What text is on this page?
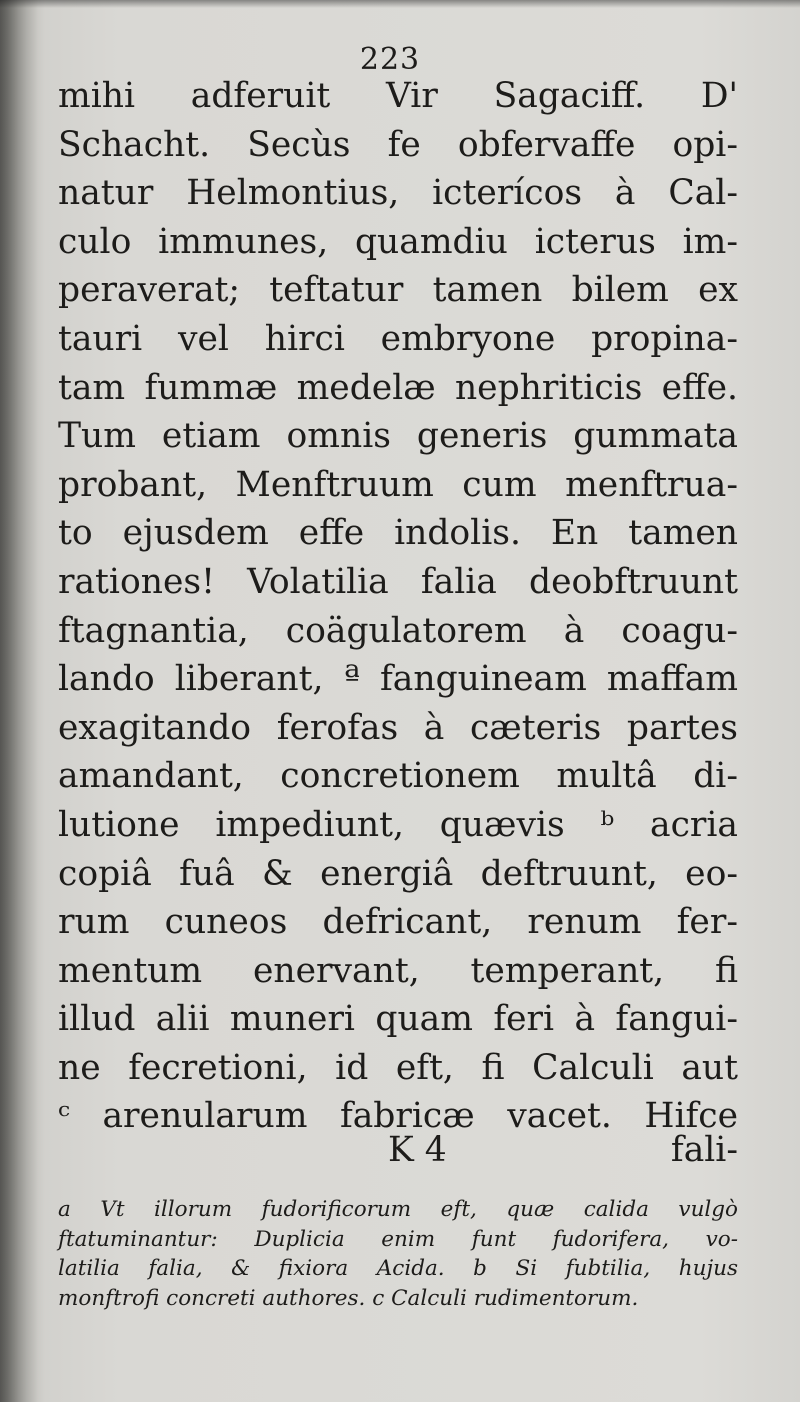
223
mihi adferuit Vir Sagaciff. D'
Schacht. Secùs fe obfervaffe opi-
natur Helmontius, icterícos à Cal-
culo immunes, quamdiu icterus im-
peraverat; teftatur tamen bilem ex
tauri vel hirci embryone propina-
tam fummæ medelæ nephriticis effe.
Tum etiam omnis generis gummata
probant, Menftruum cum menftrua-
to ejusdem effe indolis. En tamen
rationes! Volatilia falia deobftruunt
ftagnantia, coägulatorem à coagu-
lando liberant, ª fanguineam maffam
exagitando ferofas à cæteris partes
amandant, concretionem multâ di-
lutione impediunt, quævis ᵇ acria
copiâ fuâ & energiâ deftruunt, eo-
rum cuneos defricant, renum fer-
mentum enervant, temperant, fi
illud alii muneri quam feri à fangui-
ne fecretioni, id eft, fi Calculi aut
ᶜ arenularum fabricæ vacet. Hifce
K 4	fali-
a Vt illorum fudorificorum eft, quæ calida vulgò
ftatuminantur: Duplicia enim funt fudorifera, vo-
latilia falia, & fixiora Acida. b Si fubtilia, hujus
monftrofi concreti authores. c Calculi rudimentorum.
